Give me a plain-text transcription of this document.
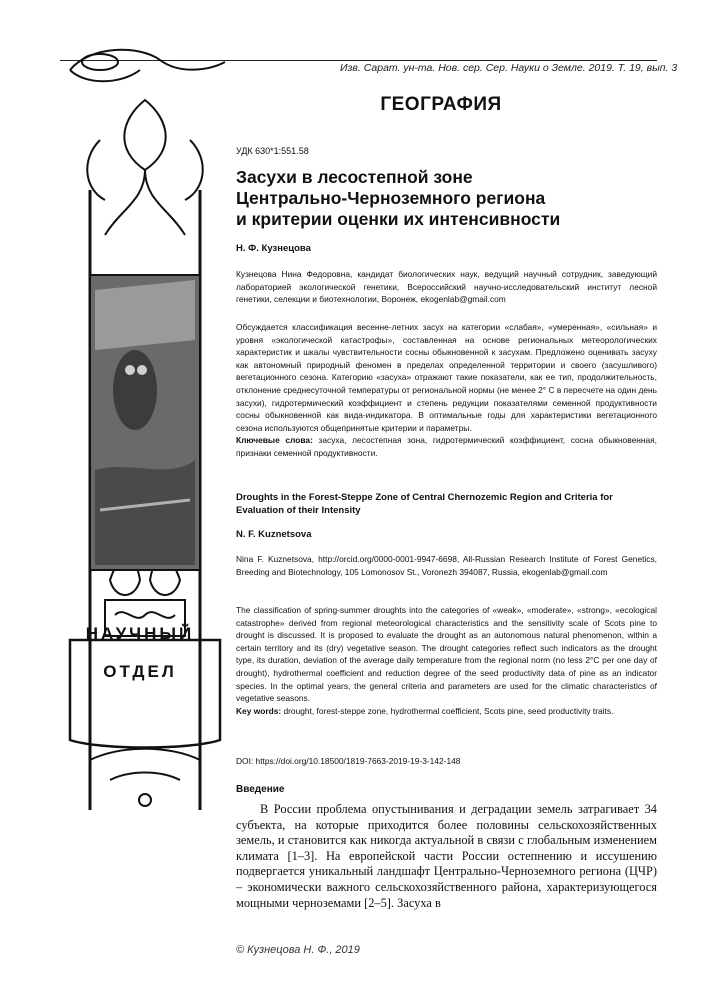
Изв. Сарат. ун-та. Нов. сер. Сер. Науки о Земле. 2019. Т. 19, вып. 3
НАУЧНЫЙ
ОТДЕЛ
ГЕОГРАФИЯ
УДК 630*1:551.58
Засухи в лесостепной зоне
Центрально-Черноземного региона
и критерии оценки их интенсивности
Н. Ф. Кузнецова
Кузнецова Нина Федоровна, кандидат биологических наук, ведущий научный сотрудник, заведующий лабораторией экологической генетики, Всероссийский научно-исследовательский институт лесной генетики, селекции и биотехнологии, Воронеж, ekogenlab@gmail.com
Обсуждается классификация весенне-летних засух на категории «слабая», «умеренная», «сильная» и уровня «экологической катастрофы», составленная на основе региональных метеорологических характеристик и шкалы чувствительности сосны обыкновенной к засухам. Предложено оценивать засуху как автономный природный феномен в пределах определенной территории и своего (засушливого) вегетационного сезона. Категорию «засуха» отражают такие показатели, как ее тип, продолжительность, отклонение среднесуточной температуры от региональной нормы (не менее 2° С в пересчете на один день засухи), гидротермический коэффициент и степень редукции показателями семенной продуктивности сосны обыкновенной как вида-индикатора. В оптимальные годы для характеристики вегетационного сезона используются общепринятые критерии и параметры.
Ключевые слова: засуха, лесостепная зона, гидротермический коэффициент, сосна обыкновенная, признаки семенной продуктивности.
Droughts in the Forest-Steppe Zone of Central Chernozemic Region and Criteria for Evaluation of their Intensity
N. F. Kuznetsova
Nina F. Kuznetsova, http://orcid.org/0000-0001-9947-6698, All-Russian Research Institute of Forest Genetics, Breeding and Biotechnology, 105 Lomonosov St., Voronezh 394087, Russia, ekogenlab@gmail.com
The classification of spring-summer droughts into the categories of «weak», «moderate», «strong», «ecological catastrophe» derived from regional meteorological characteristics and the sensitivity scale of Scots pine to drought is discussed. It is proposed to evaluate the drought as an autonomous natural phenomenon, within a certain territory and its (dry) vegetative season. The drought categories reflect such indicators as the drought type, its duration, deviation of the average daily temperature from the regional norm (no less 2°C per one day of drought), hydrothermal coefficient and reduction degree of the seed productivity data of pine as an indicator species. In the optimal years, the general criteria and parameters are used for the climatic characteristics of vegetative seasons.
Key words: drought, forest-steppe zone, hydrothermal coefficient, Scots pine, seed productivity traits.
DOI: https://doi.org/10.18500/1819-7663-2019-19-3-142-148
Введение
В России проблема опустынивания и деградации земель затрагивает 34 субъекта, на которые приходится более половины сельскохозяйственных земель, и становится как никогда актуальной в связи с глобальным изменением климата [1–3]. На европейской части России остепнению и иссушению подвергается уникальный ландшафт Центрально-Черноземного региона (ЦЧР) – экономически важного сельскохозяйственного района, характеризующегося мощными черноземами [2–5]. Засуха в
© Кузнецова Н. Ф., 2019
